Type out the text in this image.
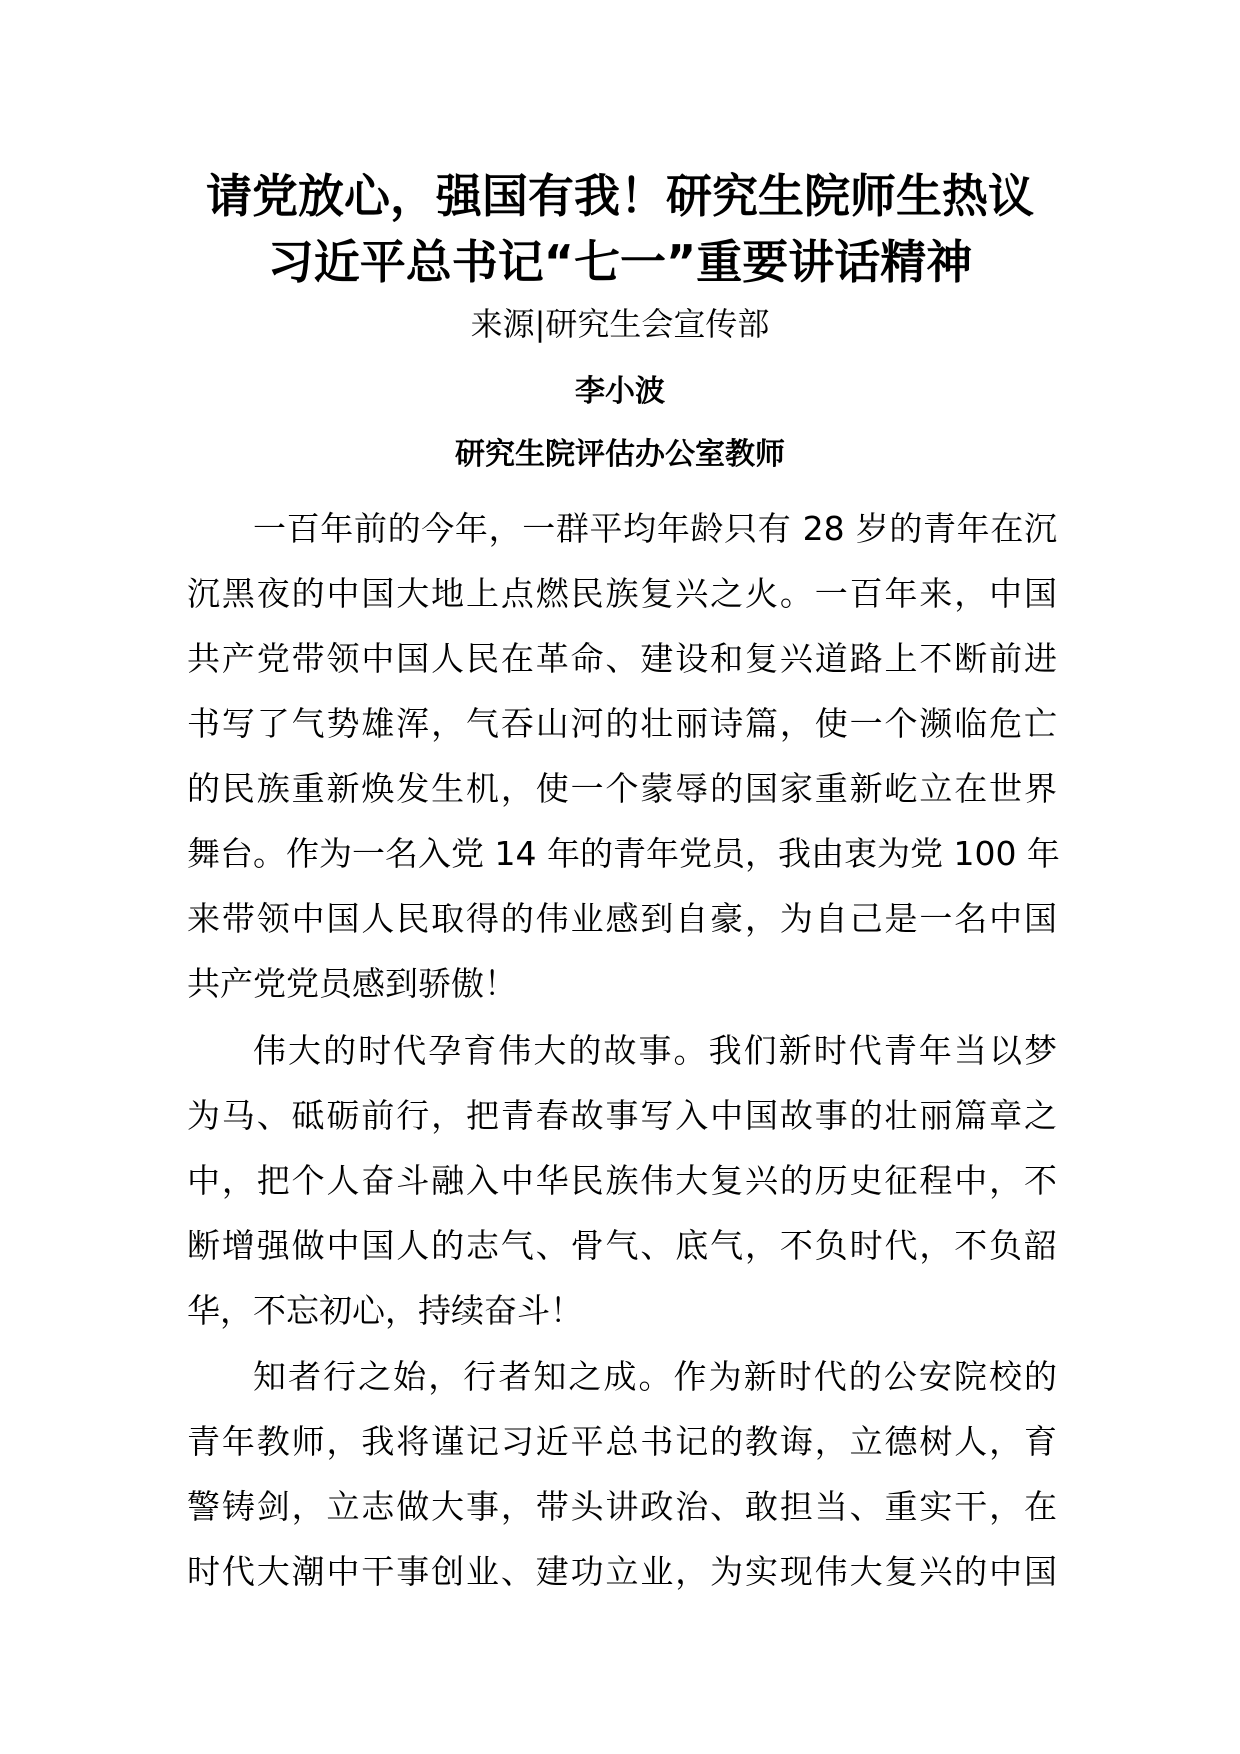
请党放心，强国有我！研究生院师生热议
习近平总书记“七一”重要讲话精神
来源|研究生会宣传部
李小波
研究生院评估办公室教师
一百年前的今年，一群平均年龄只有 28 岁的青年在沉
沉黑夜的中国大地上点燃民族复兴之火。一百年来，中国
共产党带领中国人民在革命、建设和复兴道路上不断前进
书写了气势雄浑，气吞山河的壮丽诗篇，使一个濒临危亡
的民族重新焕发生机，使一个蒙辱的国家重新屹立在世界
舞台。作为一名入党 14 年的青年党员，我由衷为党 100 年
来带领中国人民取得的伟业感到自豪，为自己是一名中国
共产党党员感到骄傲！
伟大的时代孕育伟大的故事。我们新时代青年当以梦
为马、砥砺前行，把青春故事写入中国故事的壮丽篇章之
中，把个人奋斗融入中华民族伟大复兴的历史征程中，不
断增强做中国人的志气、骨气、底气，不负时代，不负韶
华，不忘初心，持续奋斗！
知者行之始，行者知之成。作为新时代的公安院校的
青年教师，我将谨记习近平总书记的教诲，立德树人，育
警铸剑，立志做大事，带头讲政治、敢担当、重实干，在
时代大潮中干事创业、建功立业，为实现伟大复兴的中国
